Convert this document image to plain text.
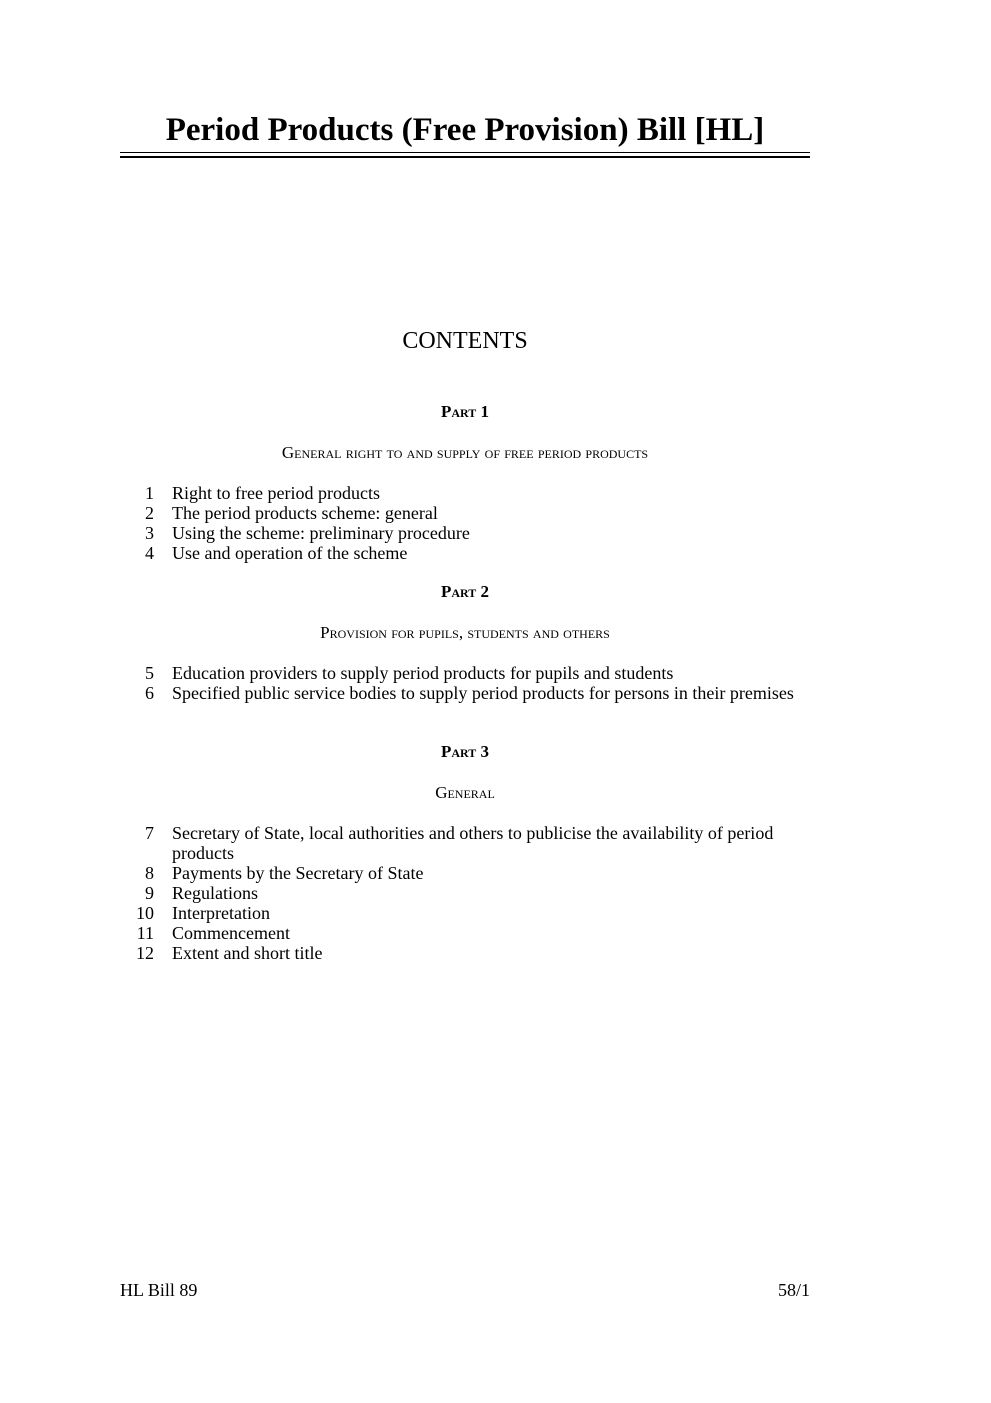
Period Products (Free Provision) Bill [HL]
CONTENTS
Part 1
General right to and supply of free period products
1	Right to free period products
2	The period products scheme: general
3	Using the scheme: preliminary procedure
4	Use and operation of the scheme
Part 2
Provision for pupils, students and others
5	Education providers to supply period products for pupils and students
6	Specified public service bodies to supply period products for persons in their premises
Part 3
General
7	Secretary of State, local authorities and others to publicise the availability of period products
8	Payments by the Secretary of State
9	Regulations
10	Interpretation
11	Commencement
12	Extent and short title
HL Bill 89	58/1
